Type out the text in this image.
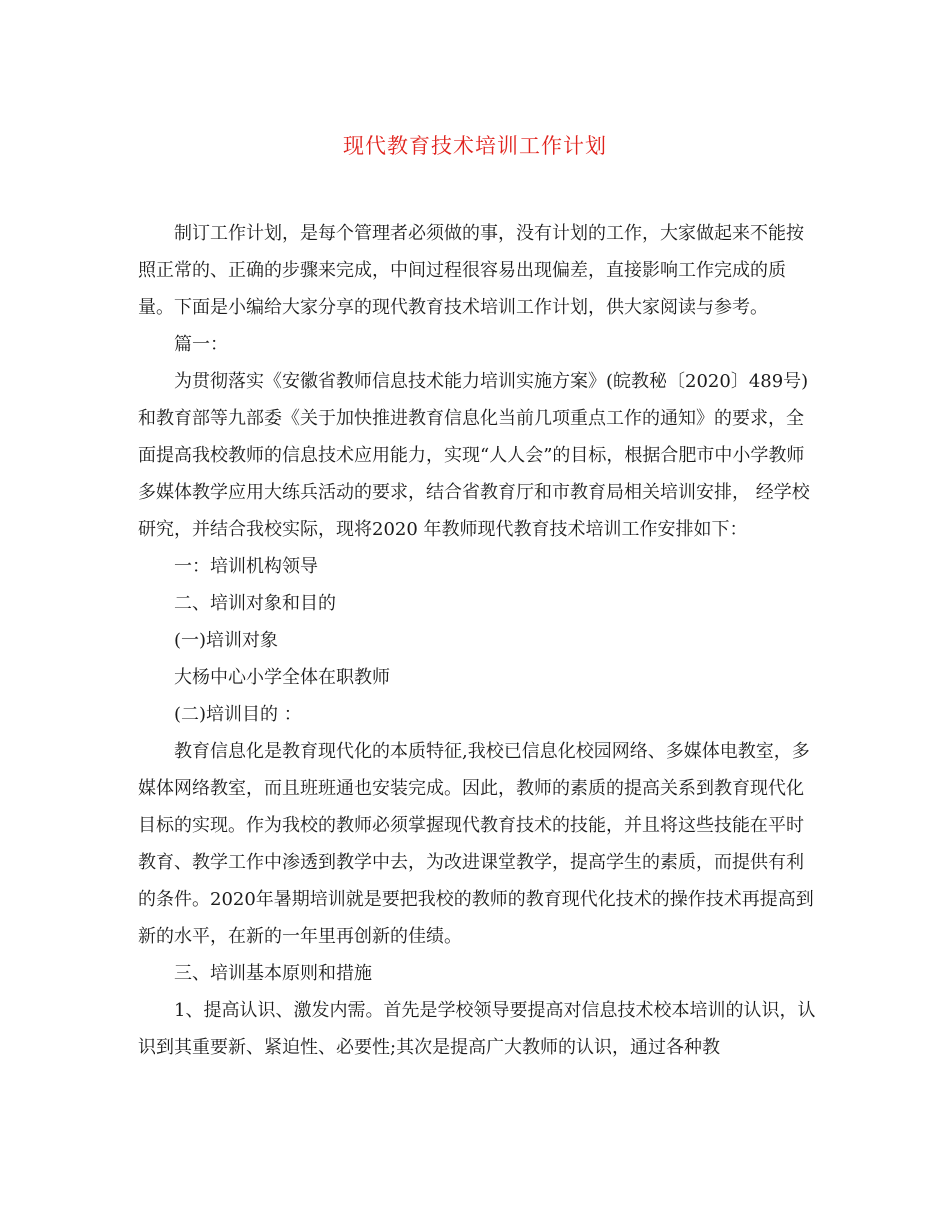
现代教育技术培训工作计划

制订工作计划，是每个管理者必须做的事，没有计划的工作，大家做起来不能按照正常的、正确的步骤来完成，中间过程很容易出现偏差，直接影响工作完成的质量。下面是小编给大家分享的现代教育技术培训工作计划，供大家阅读与参考。

篇一：

为贯彻落实《安徽省教师信息技术能力培训实施方案》(皖教秘〔2020〕489号)和教育部等九部委《关于加快推进教育信息化当前几项重点工作的通知》的要求，全面提高我校教师的信息技术应用能力，实现“人人会”的目标，根据合肥市中小学教师多媒体教学应用大练兵活动的要求，结合省教育厅和市教育局相关培训安排， 经学校研究，并结合我校实际，现将2020 年教师现代教育技术培训工作安排如下：

一：培训机构领导

二、培训对象和目的

(一)培训对象

大杨中心小学全体在职教师

(二)培训目的 ：

教育信息化是教育现代化的本质特征,我校已信息化校园网络、多媒体电教室，多媒体网络教室，而且班班通也安装完成。因此，教师的素质的提高关系到教育现代化目标的实现。作为我校的教师必须掌握现代教育技术的技能，并且将这些技能在平时教育、教学工作中渗透到教学中去，为改进课堂教学，提高学生的素质，而提供有利的条件。2020年暑期培训就是要把我校的教师的教育现代化技术的操作技术再提高到新的水平，在新的一年里再创新的佳绩。

三、培训基本原则和措施

1、提高认识、激发内需。首先是学校领导要提高对信息技术校本培训的认识，认识到其重要新、紧迫性、必要性;其次是提高广大教师的认识，通过各种教
